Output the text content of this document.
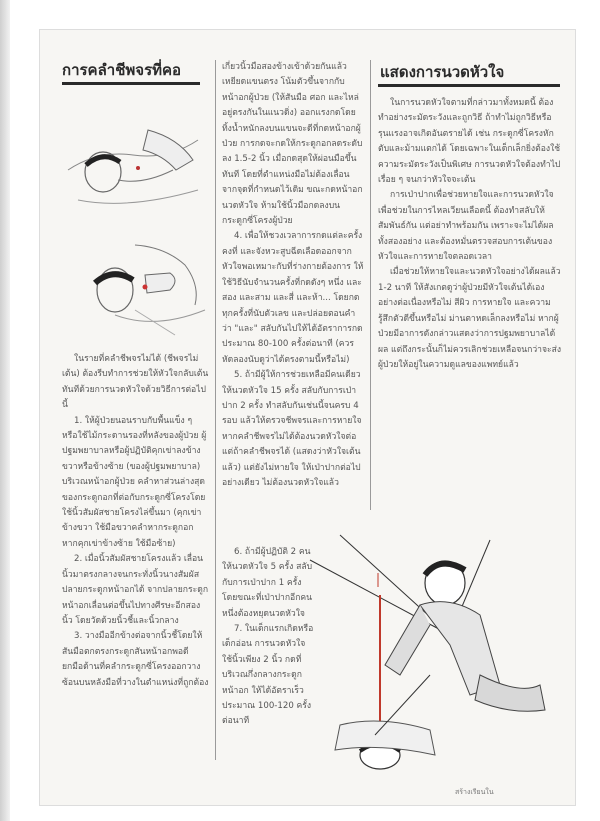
การคลำชีพจรที่คอ	แสดงการนวดหัวใจ

ในรายที่คลำชีพจรไม่ได้ (ชีพจรไม่เต้น) ต้องรีบทำการช่วยให้หัวใจกลับเต้นทันทีด้วยการนวดหัวใจด้วยวิธีการต่อไปนี้

1. ให้ผู้ป่วยนอนราบกับพื้นแข็ง ๆ หรือใช้ไม้กระดานรองที่หลังของผู้ป่วย ผู้ปฐมพยาบาลหรือผู้ปฏิบัติคุกเข่าลงข้างขวาหรือข้างซ้าย (ของผู้ปฐมพยาบาล) บริเวณหน้าอกผู้ป่วย คลำหาส่วนล่างสุดของกระดูกอกที่ต่อกับกระดูกซี่โครงโดยใช้นิ้วสัมผัสชายโครงไล่ขึ้นมา (คุกเข่าข้างขวา ใช้มือขวาคลำหากระดูกอก หากคุกเข่าข้างซ้าย ใช้มือซ้าย)

2. เมื่อนิ้วสัมผัสชายโครงแล้ว เลื่อนนิ้วมาตรงกลางจนกระทั่งนิ้วนางสัมผัสปลายกระดูกหน้าอกได้ จากปลายกระดูกหน้าอกเลื่อนต่อขึ้นไปทางศีรษะอีกสองนิ้ว โดยวัดด้วยนิ้วชี้และนิ้วกลาง

3. วางมืออีกข้างต่อจากนิ้วชี้โดยให้สันมือตกตรงกระดูกสันหน้าอกพอดี ยกมือด้านที่คลำกระดูกซี่โครงออกวางซ้อนบนหลังมือที่วางในตำแหน่งที่ถูกต้อง

เกี่ยวนิ้วมือสองข้างเข้าด้วยกันแล้วเหยียดแขนตรง โน้มตัวขึ้นจากกับหน้าอกผู้ป่วย (ให้สันมือ ศอก และไหล่ อยู่ตรงกันในแนวดิ่ง) ออกแรงกดโดยทิ้งน้ำหนักลงบนแขนจะดีที่กดหน้าอกผู้ป่วย การกดจะกดให้กระดูกอกลดระดับลง 1.5-2 นิ้ว เมื่อกดสุดให้ผ่อนมือขึ้นทันที โดยที่ตำแหน่งมือไม่ต้องเลื่อนจากจุดที่กำหนดไว้เดิม ขณะกดหน้าอกนวดหัวใจ ห้ามใช้นิ้วมือกดลงบนกระดูกซี่โครงผู้ป่วย

4. เพื่อให้ชวงเวลาการกดแต่ละครั้งคงที่ และจังหวะสูบฉีดเลือดออกจากหัวใจพอเหมาะกับที่ร่างกายต้องการ ให้ใช้วิธีนับจำนวนครั้งที่กดดังๆ หนึ่ง และสอง และสาม และสี่ และห้า... โดยกดทุกครั้งที่นับตัวเลข และปล่อยตอนคำว่า "และ" สลับกันไปให้ได้อัตราการกดประมาณ 80-100 ครั้งต่อนาที (ควรหัดลองนับดูว่าได้ตรงตามนี้หรือไม่)

5. ถ้ามีผู้ให้การช่วยเหลือมีคนเดียว ให้นวดหัวใจ 15 ครั้ง สลับกับการเป่าปาก 2 ครั้ง ทำสลับกันเช่นนี้จนครบ 4 รอบ แล้วให้ตรวจชีพจรและการหายใจ หากคลำชีพจรไม่ได้ต้องนวดหัวใจต่อ แต่ถ้าคลำชีพจรได้ (แสดงว่าหัวใจเต้นแล้ว) แต่ยังไม่หายใจ ให้เป่าปากต่อไปอย่างเดียว ไม่ต้องนวดหัวใจแล้ว

6. ถ้ามีผู้ปฏิบัติ 2 คน ให้นวดหัวใจ 5 ครั้ง สลับกับการเป่าปาก 1 ครั้ง โดยขณะที่เป่าปากอีกคนหนึ่งต้องหยุดนวดหัวใจ

7. ในเด็กแรกเกิดหรือเด็กอ่อน การนวดหัวใจใช้นิ้วเพียง 2 นิ้ว กดที่บริเวณกึ่งกลางกระดูกหน้าอก ให้ได้อัตราเร็วประมาณ 100-120 ครั้งต่อนาที

ในการนวดหัวใจตามที่กล่าวมาทั้งหมดนี้ ต้องทำอย่างระมัดระวังและถูกวิธี ถ้าทำไม่ถูกวิธีหรือรุนแรงอาจเกิดอันตรายได้ เช่น กระดูกซี่โครงหักตับและม้ามแตกได้ โดยเฉพาะในเด็กเล็กยิ่งต้องใช้ความระมัดระวังเป็นพิเศษ การนวดหัวใจต้องทำไปเรื่อย ๆ จนกว่าหัวใจจะเต้น

การเป่าปากเพื่อช่วยหายใจและการนวดหัวใจเพื่อช่วยในการไหลเวียนเลือดนี้ ต้องทำสลับให้สัมพันธ์กัน แต่อย่าทำพร้อมกัน เพราะจะไม่ได้ผลทั้งสองอย่าง และต้องหมั่นตรวจสอบการเต้นของหัวใจและการหายใจตลอดเวลา

เมื่อช่วยให้หายใจและนวดหัวใจอย่างได้ผลแล้ว 1-2 นาที ให้สังเกตดูว่าผู้ป่วยมีหัวใจเต้นได้เองอย่างต่อเนื่องหรือไม่ สีผิว การหายใจ และความรู้สึกตัวดีขึ้นหรือไม่ ม่านตาหดเล็กลงหรือไม่ หากผู้ป่วยมีอาการดังกล่าวแสดงว่าการปฐมพยาบาลได้ผล แต่ถึงกระนั้นก็ไม่ควรเลิกช่วยเหลือจนกว่าจะส่งผู้ป่วยให้อยู่ในความดูแลของแพทย์แล้ว

สร้างเรียนใน
